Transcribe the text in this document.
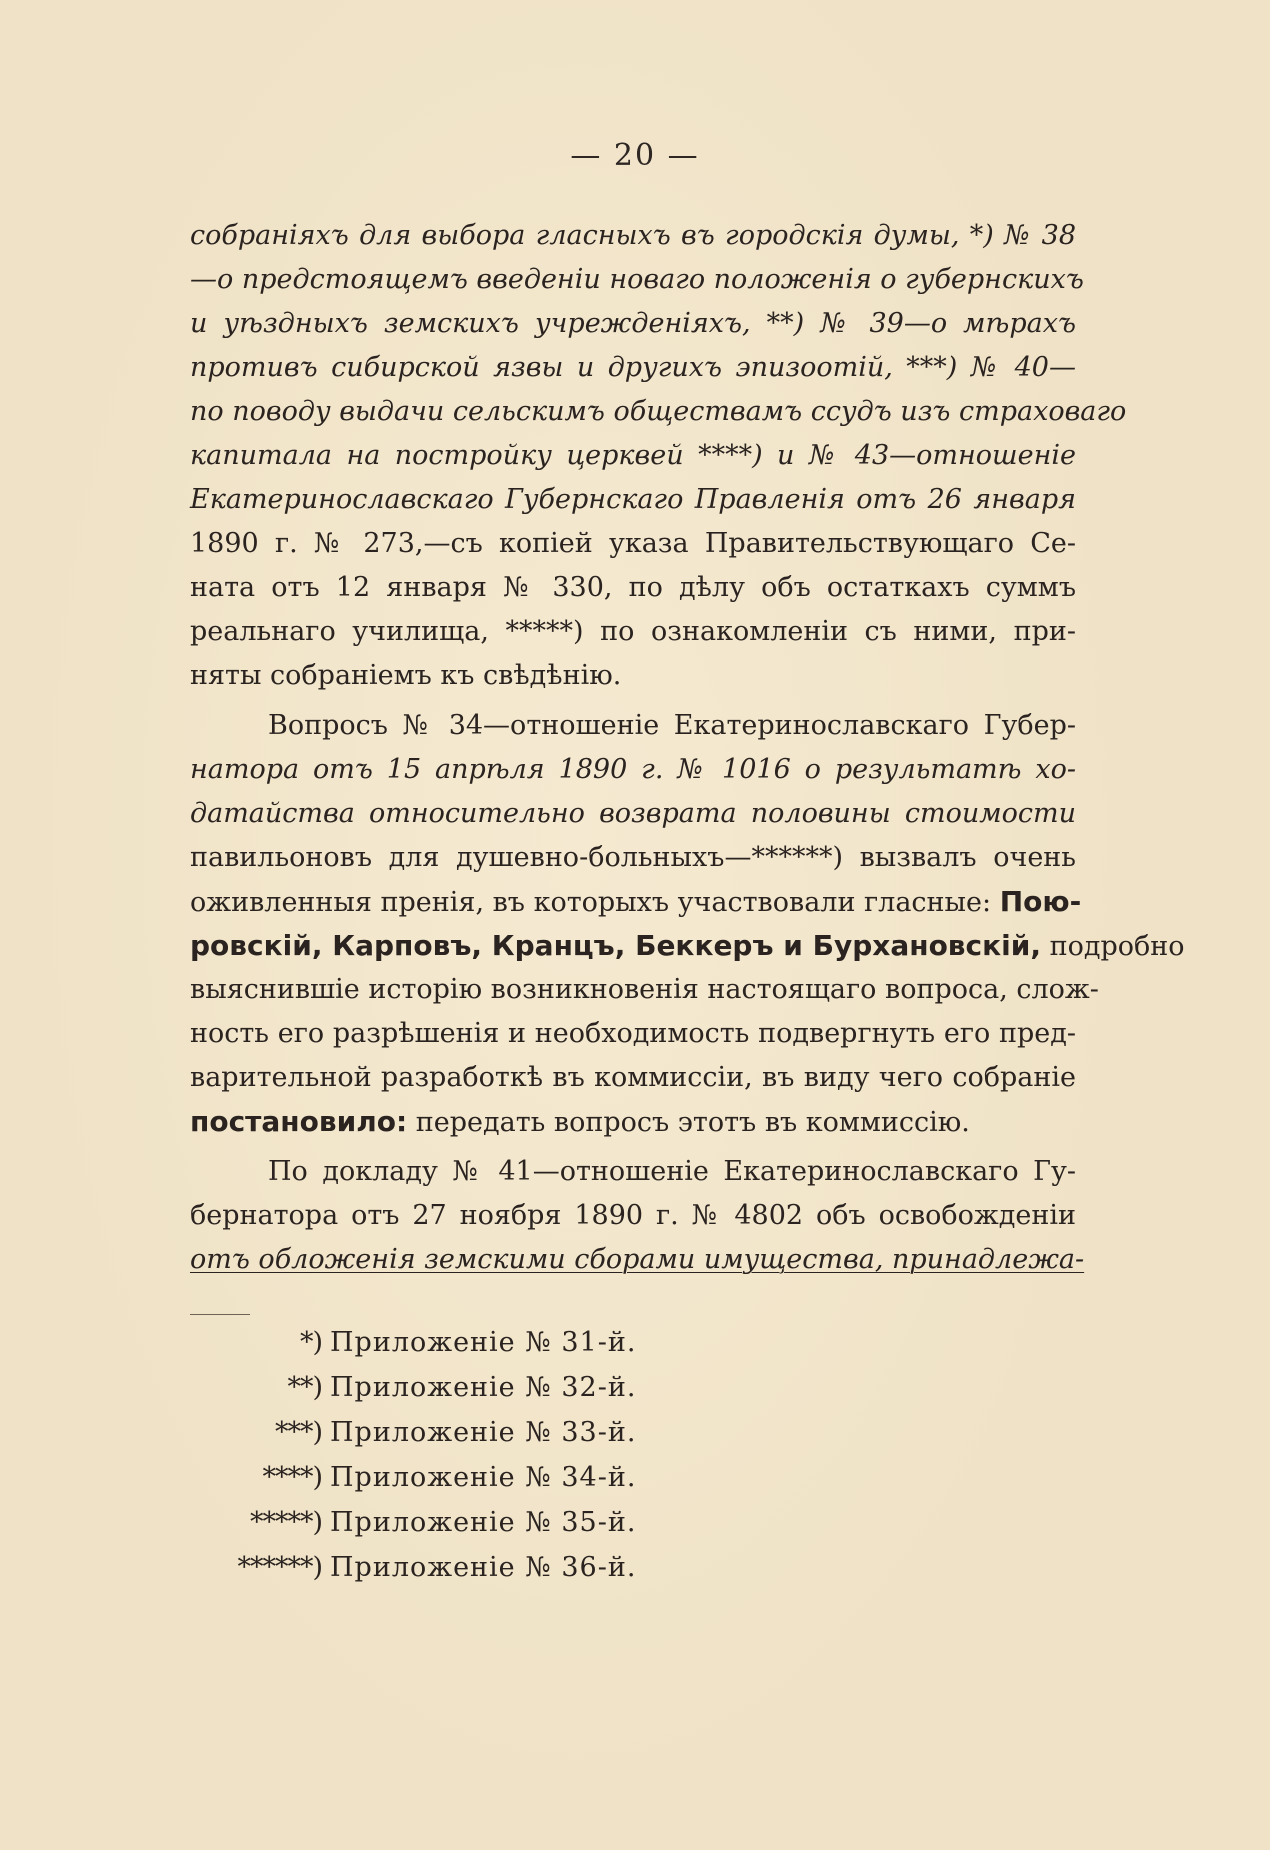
— 20 —
собраніяхъ для выбора гласныхъ въ городскія думы, *) № 38
—о предстоящемъ введеніи новаго положенія о губернскихъ
и уѣздныхъ земскихъ учрежденіяхъ, **) № 39—о мѣрахъ
противъ сибирской язвы и другихъ эпизоотій, ***) № 40—
по поводу выдачи сельскимъ обществамъ ссудъ изъ страховаго
капитала на постройку церквей ****) и № 43—отношеніе
Екатеринославскаго Губернскаго Правленія отъ 26 января
1890 г. № 273,—съ копіей указа Правительствующаго Се-
ната отъ 12 января № 330, по дѣлу объ остаткахъ суммъ
реальнаго училища, *****) по ознакомленіи съ ними, при-
няты собраніемъ къ свѣдѣнію.
Вопросъ № 34—отношеніе Екатеринославскаго Губер-
натора отъ 15 апрѣля 1890 г. № 1016 о результатѣ хо-
датайства относительно возврата половины стоимости
павильоновъ для душевно-больныхъ—******) вызвалъ очень
оживленныя пренія, въ которыхъ участвовали гласные: Пою-
ровскій, Карповъ, Кранцъ, Беккеръ и Бурхановскій, подробно
выяснившіе исторію возникновенія настоящаго вопроса, слож-
ность его разрѣшенія и необходимость подвергнуть его пред-
варительной разработкѣ въ коммиссіи, въ виду чего собраніе
постановило: передать вопросъ этотъ въ коммиссію.
По докладу № 41—отношеніе Екатеринославскаго Гу-
бернатора отъ 27 ноября 1890 г. № 4802 объ освобожденіи
отъ обложенія земскими сборами имущества, принадлежа-
*) Приложеніе № 31-й.
**) Приложеніе № 32-й.
***) Приложеніе № 33-й.
****) Приложеніе № 34-й.
*****) Приложеніе № 35-й.
******) Приложеніе № 36-й.
